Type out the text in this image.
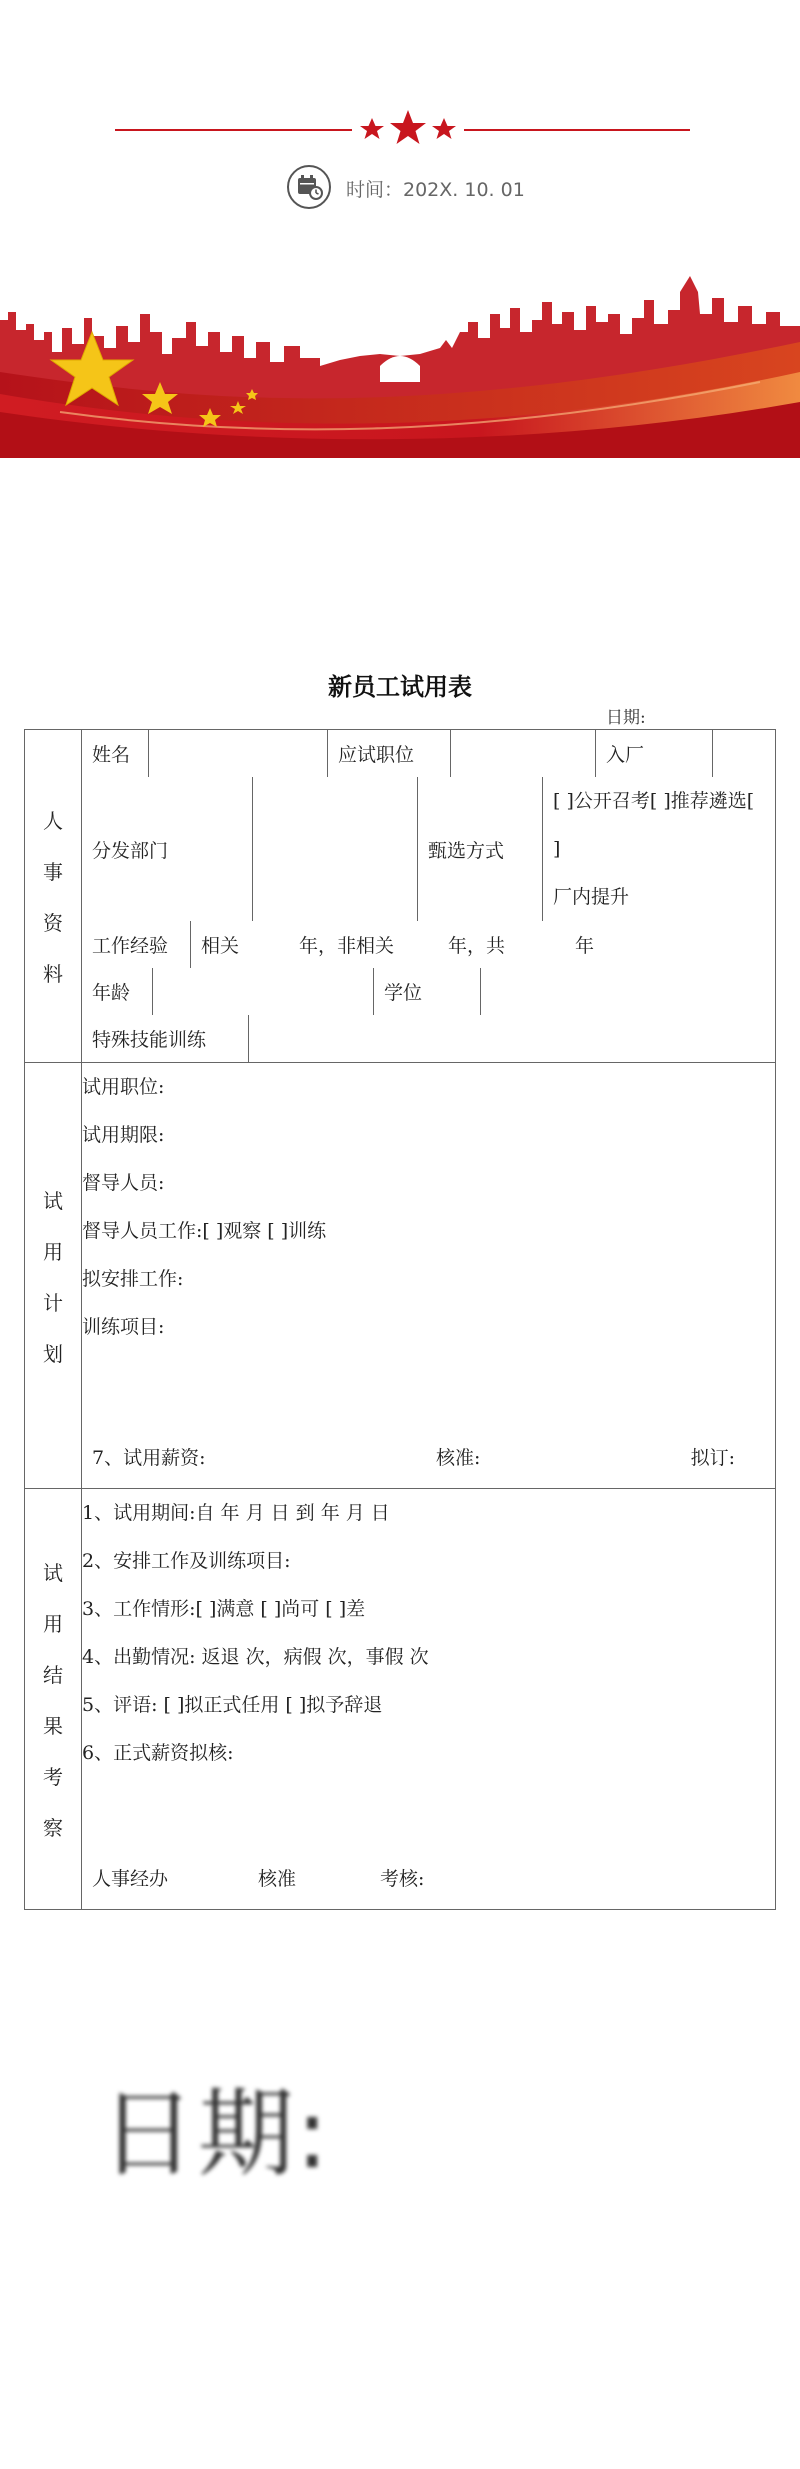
时间：202X. 10. 01
新员工试用表
日期:
人
事
资
料

姓名		应试职位		入厂	
分发部门		甄选方式	
[ ]公开召考[ ]推荐遴选[ ]
厂内提升
工作经验	相关	年，非相关	年，共	年
年龄		学位	
特殊技能训练	

试
用
计
划

试用职位:
试用期限:
督导人员:
督导人员工作:[ ]观察 [ ]训练
拟安排工作:
训练项目:
7、试用薪资:	核准:	拟订:

试
用
结
果
考
察

1、试用期间:自 年 月 日 到 年 月 日
2、安排工作及训练项目:
3、工作情形:[ ]满意 [ ]尚可 [ ]差
4、出勤情况: 返退 次，病假 次，事假 次
5、评语: [ ]拟正式任用 [ ]拟予辞退
6、正式薪资拟核:
人事经办	核准	考核:
日期:
